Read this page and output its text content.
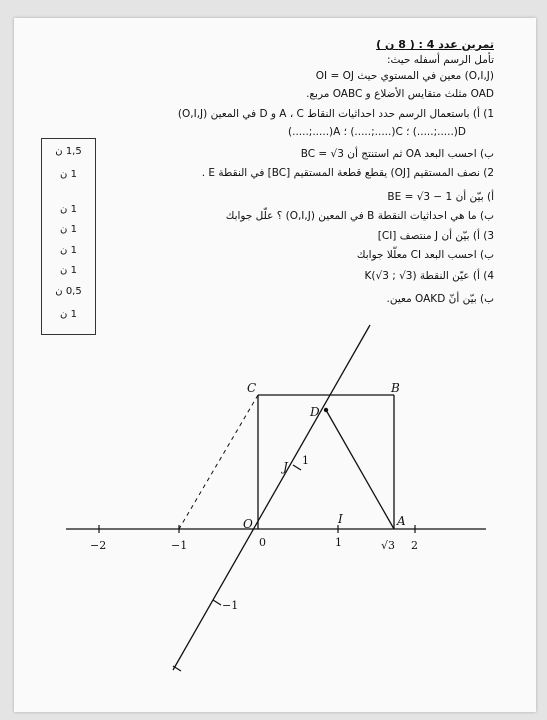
تمرين عدد 4 : ( 8 ن )
تأمل الرسم أسفله حيث:
(O,I,J) معين في المستوي حيث OI = OJ
OAD مثلث متقايس الأضلاع و OABC مربع.
1) أ) باستعمال الرسم حدد احداثيات النقاط A ، C و D في المعين (O,I,J)
D(.....;.....) ؛ C(.....;.....) ؛ A(.....;.....)
ب) احسب البعد OA ثم استنتج أن BC = √3
2) نصف المستقيم [OJ) يقطع قطعة المستقيم [BC] في النقطة E .
أ) بيّن أن BE = √3 − 1
ب) ما هي احداثيات النقطة B في المعين (O,I,J) ؟ علّل جوابك
3) أ) بيّن أن J منتصف [CI]
ب) احسب البعد CI معلّلا جوابك
4) أ) عيّن النقطة K(√3 ; √3)
ب) بيّن أنّ OAKD معين.
1,5 ن
1 ن
1 ن
1 ن
1 ن
1 ن
0,5 ن
1 ن
C	B
D
O	A
I
J
−2	−1	0	1	√3 2
1
−1
